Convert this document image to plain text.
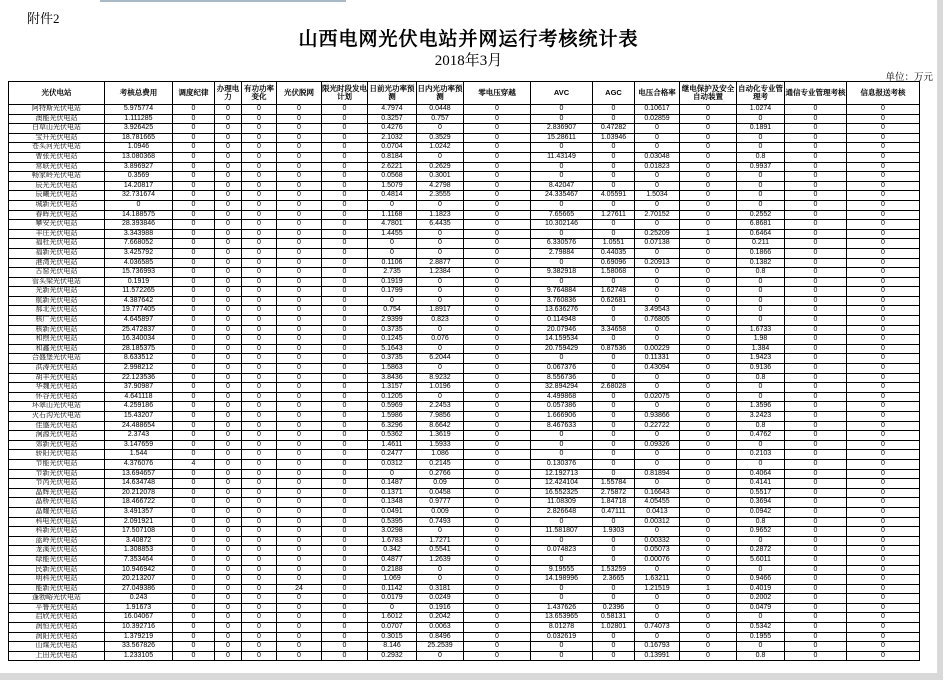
附件2
山西电网光伏电站并网运行考核统计表
2018年3月
单位：万元
光伏电站	考核总费用	调度纪律	办理电力	有功功率变化	光伏脱网	限光时段发电计划	日前光功率预测	日内光功率预测	零电压穿越	AVC	AGC	电压合格率	继电保护及安全自动装置	自动化专业管理考	通信专业管理考核	信息报送考核
阿特斯光伏电站	5.975774	0	0	0	0	0	4.7974	0.0448	0	0	0	0.10617	0	1.0274	0	0
澳能光伏电站	1.111285	0	0	0	0	0	0.3257	0.757	0	0	0	0.02859	0	0	0	0
白草山光伏电站	3.926425	0	0	0	0	0	0.4276	0	0	2.836907	0.47282	0	0	0.1891	0	0
宝升光伏电站	18.781665	0	0	0	0	0	2.1032	0.3529	0	15.28611	1.03946	0	0	0	0	0
苍头河光伏电站	1.0946	0	0	0	0	0	0.0704	1.0242	0	0	0	0	0	0	0	0
曹张光伏电站	13.080368	0	0	0	0	0	0.8184	0	0	11.43149	0	0.03048	0	0.8	0	0
常联光伏电站	3.896927	0	0	0	0	0	2.6221	0.2629	0	0	0	0.01823	0	0.9937	0	0
畅家岭光伏电站	0.3569	0	0	0	0	0	0.0568	0.3001	0	0	0	0	0	0	0	0
辰光光伏电站	14.20817	0	0	0	0	0	1.5079	4.2798	0	8.42047	0	0	0	0	0	0
辰曦光伏电站	32.731674	0	0	0	0	0	0.4814	2.3555	0	24.335467	4.05591	1.5034	0	0	0	0
城新光伏电站	0	0	0	0	0	0	0	0	0	0	0	0	0	0	0	0
春晖光伏电站	14.188575	0	0	0	0	0	1.1168	1.1823	0	7.65665	1.27611	2.70152	0	0.2552	0	0
攀安光伏电站	28.393846	0	0	0	0	0	4.7801	6.4435	0	10.302146	0	0	0	6.8681	0	0
丰庄光伏电站	3.343988	0	0	0	0	0	1.4455	0	0	0	0	0.25209	1	0.6464	0	0
福杜光伏电站	7.668052	0	0	0	0	0	0	0	0	6.330576	1.0551	0.07138	0	0.211	0	0
福新光伏电站	3.425792	0	0	0	0	0	0	0	0	2.79884	0.44035	0	0	0.1866	0	0
港湾光伏电站	4.036585	0	0	0	0	0	0.1106	2.8877	0	0	0.69096	0.20913	0	0.1382	0	0
古窑光伏电站	15.736993	0	0	0	0	0	2.735	1.2384	0	9.382918	1.58068	0	0	0.8	0	0
管头梁光伏电站	0.1919	0	0	0	0	0	0.1919	0	0	0	0	0	0	0	0	0
光新光伏电站	11.572265	0	0	0	0	0	0.1799	0	0	9.764884	1.62748	0	0	0	0	0
航新光伏电站	4.387642	0	0	0	0	0	0	0	0	3.760836	0.62681	0	0	0	0	0
郝北光伏电站	19.777405	0	0	0	0	0	0.754	1.8917	0	13.636276	0	3.49543	0	0	0	0
核广光伏电站	4.645897	0	0	0	0	0	2.9399	0.823	0	0.114948	0	0.76805	0	0	0	0
核新光伏电站	25.472837	0	0	0	0	0	0.3735	0	0	20.07946	3.34658	0	0	1.6733	0	0
和煦光伏电站	16.340034	0	0	0	0	0	0.1245	0.076	0	14.159534	0	0	0	1.98	0	0
和鑫光伏电站	28.185375	0	0	0	0	0	5.1643	0	0	20.759429	0.87536	0.00229	0	1.384	0	0
合盛堡光伏电站	8.633512	0	0	0	0	0	0.3735	6.2044	0	0	0	0.11331	0	1.9423	0	0
洪涛光伏电站	2.998212	0	0	0	0	0	1.5863	0	0	0.067376	0	0.43094	0	0.9136	0	0
胡丰光伏电站	22.123536	0	0	0	0	0	3.8436	8.9232	0	8.556736	0	0	0	0.8	0	0
华魏光伏电站	37.90987	0	0	0	0	0	1.3157	1.0196	0	32.894294	2.68028	0	0	0	0	0
怀谷光伏电站	4.641118	0	0	0	0	0	0.1205	0	0	4.499868	0	0.02075	0	0	0	0
环翠山光伏电站	4.259186	0	0	0	0	0	0.5969	2.2453	0	0.057386	0	0	0	1.3596	0	0
火石沟光伏电站	15.43207	0	0	0	0	0	1.5986	7.9856	0	1.666906	0	0.93866	0	3.2423	0	0
佳盛光伏电站	24.488654	0	0	0	0	0	6.3296	8.6642	0	8.467633	0	0.22722	0	0.8	0	0
涧源光伏电站	2.3743	0	0	0	0	0	0.5362	1.3619	0	0	0	0	0	0.4762	0	0
郊新光伏电站	3.147659	0	0	0	0	0	1.4611	1.5933	0	0	0	0.09326	0	0	0	0
骄阳光伏电站	1.544	0	0	0	0	0	0.2477	1.086	0	0	0	0	0	0.2103	0	0
节能光伏电站	4.376076	4	0	0	0	0	0.0312	0.2145	0	0.130376	0	0	0	0	0	0
节新光伏电站	13.694657	0	0	0	0	0	0	0.2766	0	12.192713	0	0.81894	0	0.4064	0	0
节芮光伏电站	14.634748	0	0	0	0	0	0.1487	0.09	0	12.424104	1.55784	0	0	0.4141	0	0
晶辉光伏电站	20.212078	0	0	0	0	0	0.1371	0.0458	0	16.552325	2.75872	0.16643	0	0.5517	0	0
晶桥光伏电站	18.466722	0	0	0	0	0	0.1348	0.9777	0	11.08309	1.84718	4.05455	0	0.3694	0	0
晶耀光伏电站	3.491357	0	0	0	0	0	0.0491	0.009	0	2.826648	0.47111	0.0413	0	0.0942	0	0
科电光伏电站	2.091921	0	0	0	0	0	0.5395	0.7493	0	0	0	0.00312	0	0.8	0	0
科新光伏电站	17.507108	0	0	0	0	0	3.0298	0	0	11.581807	1.9303	0	0	0.9652	0	0
蓝岭光伏电站	3.40872	0	0	0	0	0	1.6783	1.7271	0	0	0	0.00332	0	0	0	0
龙溪光伏电站	1.308853	0	0	0	0	0	0.342	0.5541	0	0.074823	0	0.05073	0	0.2872	0	0
绿能光伏电站	7.353464	0	0	0	0	0	0.4877	1.2639	0	0	0	0.00076	0	5.6011	0	0
民新光伏电站	10.946942	0	0	0	0	0	0.2188	0	0	9.19555	1.53259	0	0	0	0	0
明科光伏电站	20.213207	0	0	0	0	0	1.069	0	0	14.198996	2.3665	1.63211	0	0.9466	0	0
能新光伏电站	27.049386	0	0	0	24	0	0.1142	0.3181	0	0	0	1.21519	1	0.4019	0	0
蓬勃峪光伏电站	0.243	0	0	0	0	0	0.0179	0.0249	0	0	0	0	0	0.2002	0	0
平鲁光伏电站	1.91673	0	0	0	0	0	0	0.1916	0	1.437626	0.2396	0	0	0.0479	0	0
启欣光伏电站	16.04067	0	0	0	0	0	1.6012	0.2042	0	13.653965	0.58131	0	0	0	0	0
润恒光伏电站	10.392716	0	0	0	0	0	0.0707	0.0063	0	8.01278	1.02801	0.74073	0	0.5342	0	0
润阳光伏电站	1.379219	0	0	0	0	0	0.3015	0.8496	0	0.032619	0	0	0	0.1955	0	0
山煤光伏电站	33.567826	0	0	0	0	0	8.146	25.2539	0	0	0	0.16793	0	0	0	0
上田光伏电站	1.233105	0	0	0	0	0	0.2932	0	0	0	0	0.13991	0	0.8	0	0
